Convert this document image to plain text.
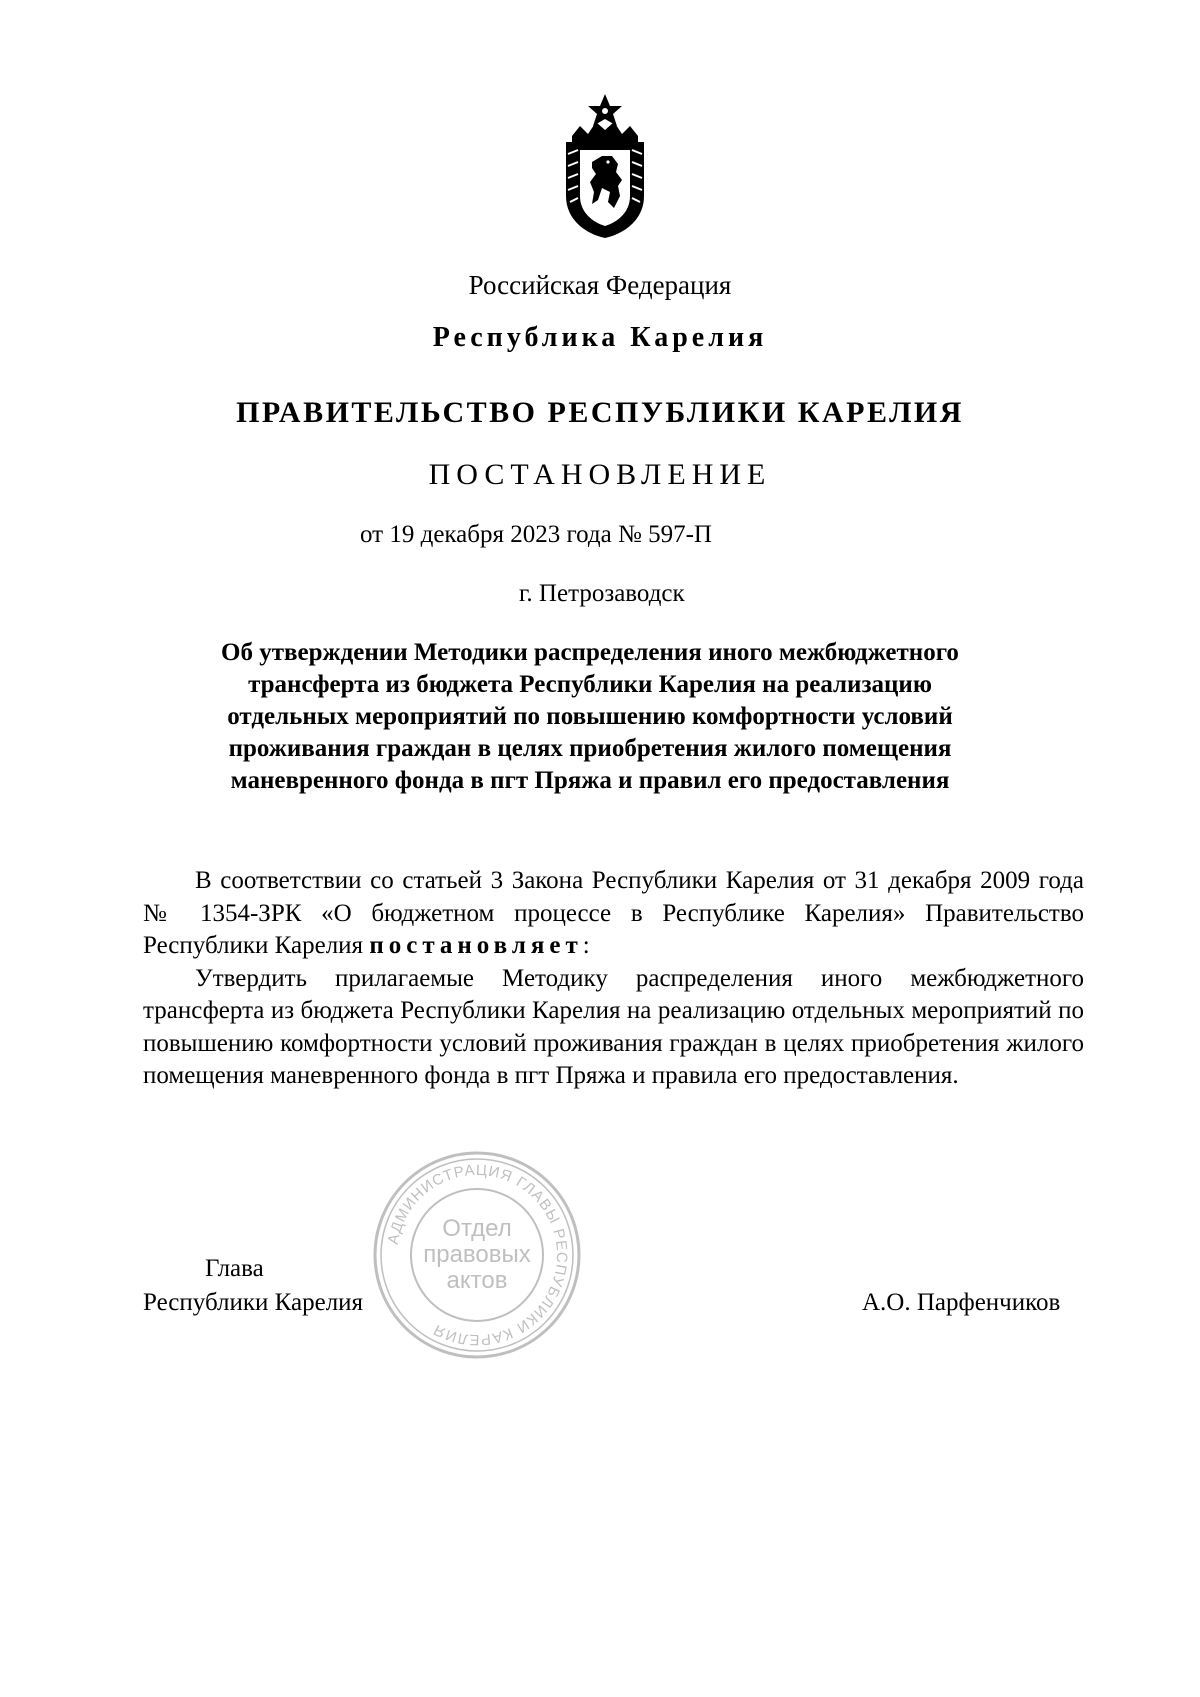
Российская Федерация
Республика Карелия
ПРАВИТЕЛЬСТВО РЕСПУБЛИКИ КАРЕЛИЯ
ПОСТАНОВЛЕНИЕ
от 19 декабря 2023 года № 597-П
г. Петрозаводск
Об утверждении Методики распределения иного межбюджетного
трансферта из бюджета Республики Карелия на реализацию
отдельных мероприятий по повышению комфортности условий
проживания граждан в целях приобретения жилого помещения
маневренного фонда в пгт Пряжа и правил его предоставления

В соответствии со статьей 3 Закона Республики Карелия от 31 декабря 2009 года № 1354-ЗРК «О бюджетном процессе в Республике Карелия» Правительство Республики Карелия постановляет:

Утвердить прилагаемые Методику распределения иного межбюджетного трансферта из бюджета Республики Карелия на реализацию отдельных мероприятий по повышению комфортности условий проживания граждан в целях приобретения жилого помещения маневренного фонда в пгт Пряжа и правила его предоставления.

Глава
Республики Карелия	А.О. Парфенчиков
АДМИНИСТРАЦИЯ ГЛАВЫ РЕСПУБЛИКИ КАРЕЛИЯ
Отдел
правовых
актов
